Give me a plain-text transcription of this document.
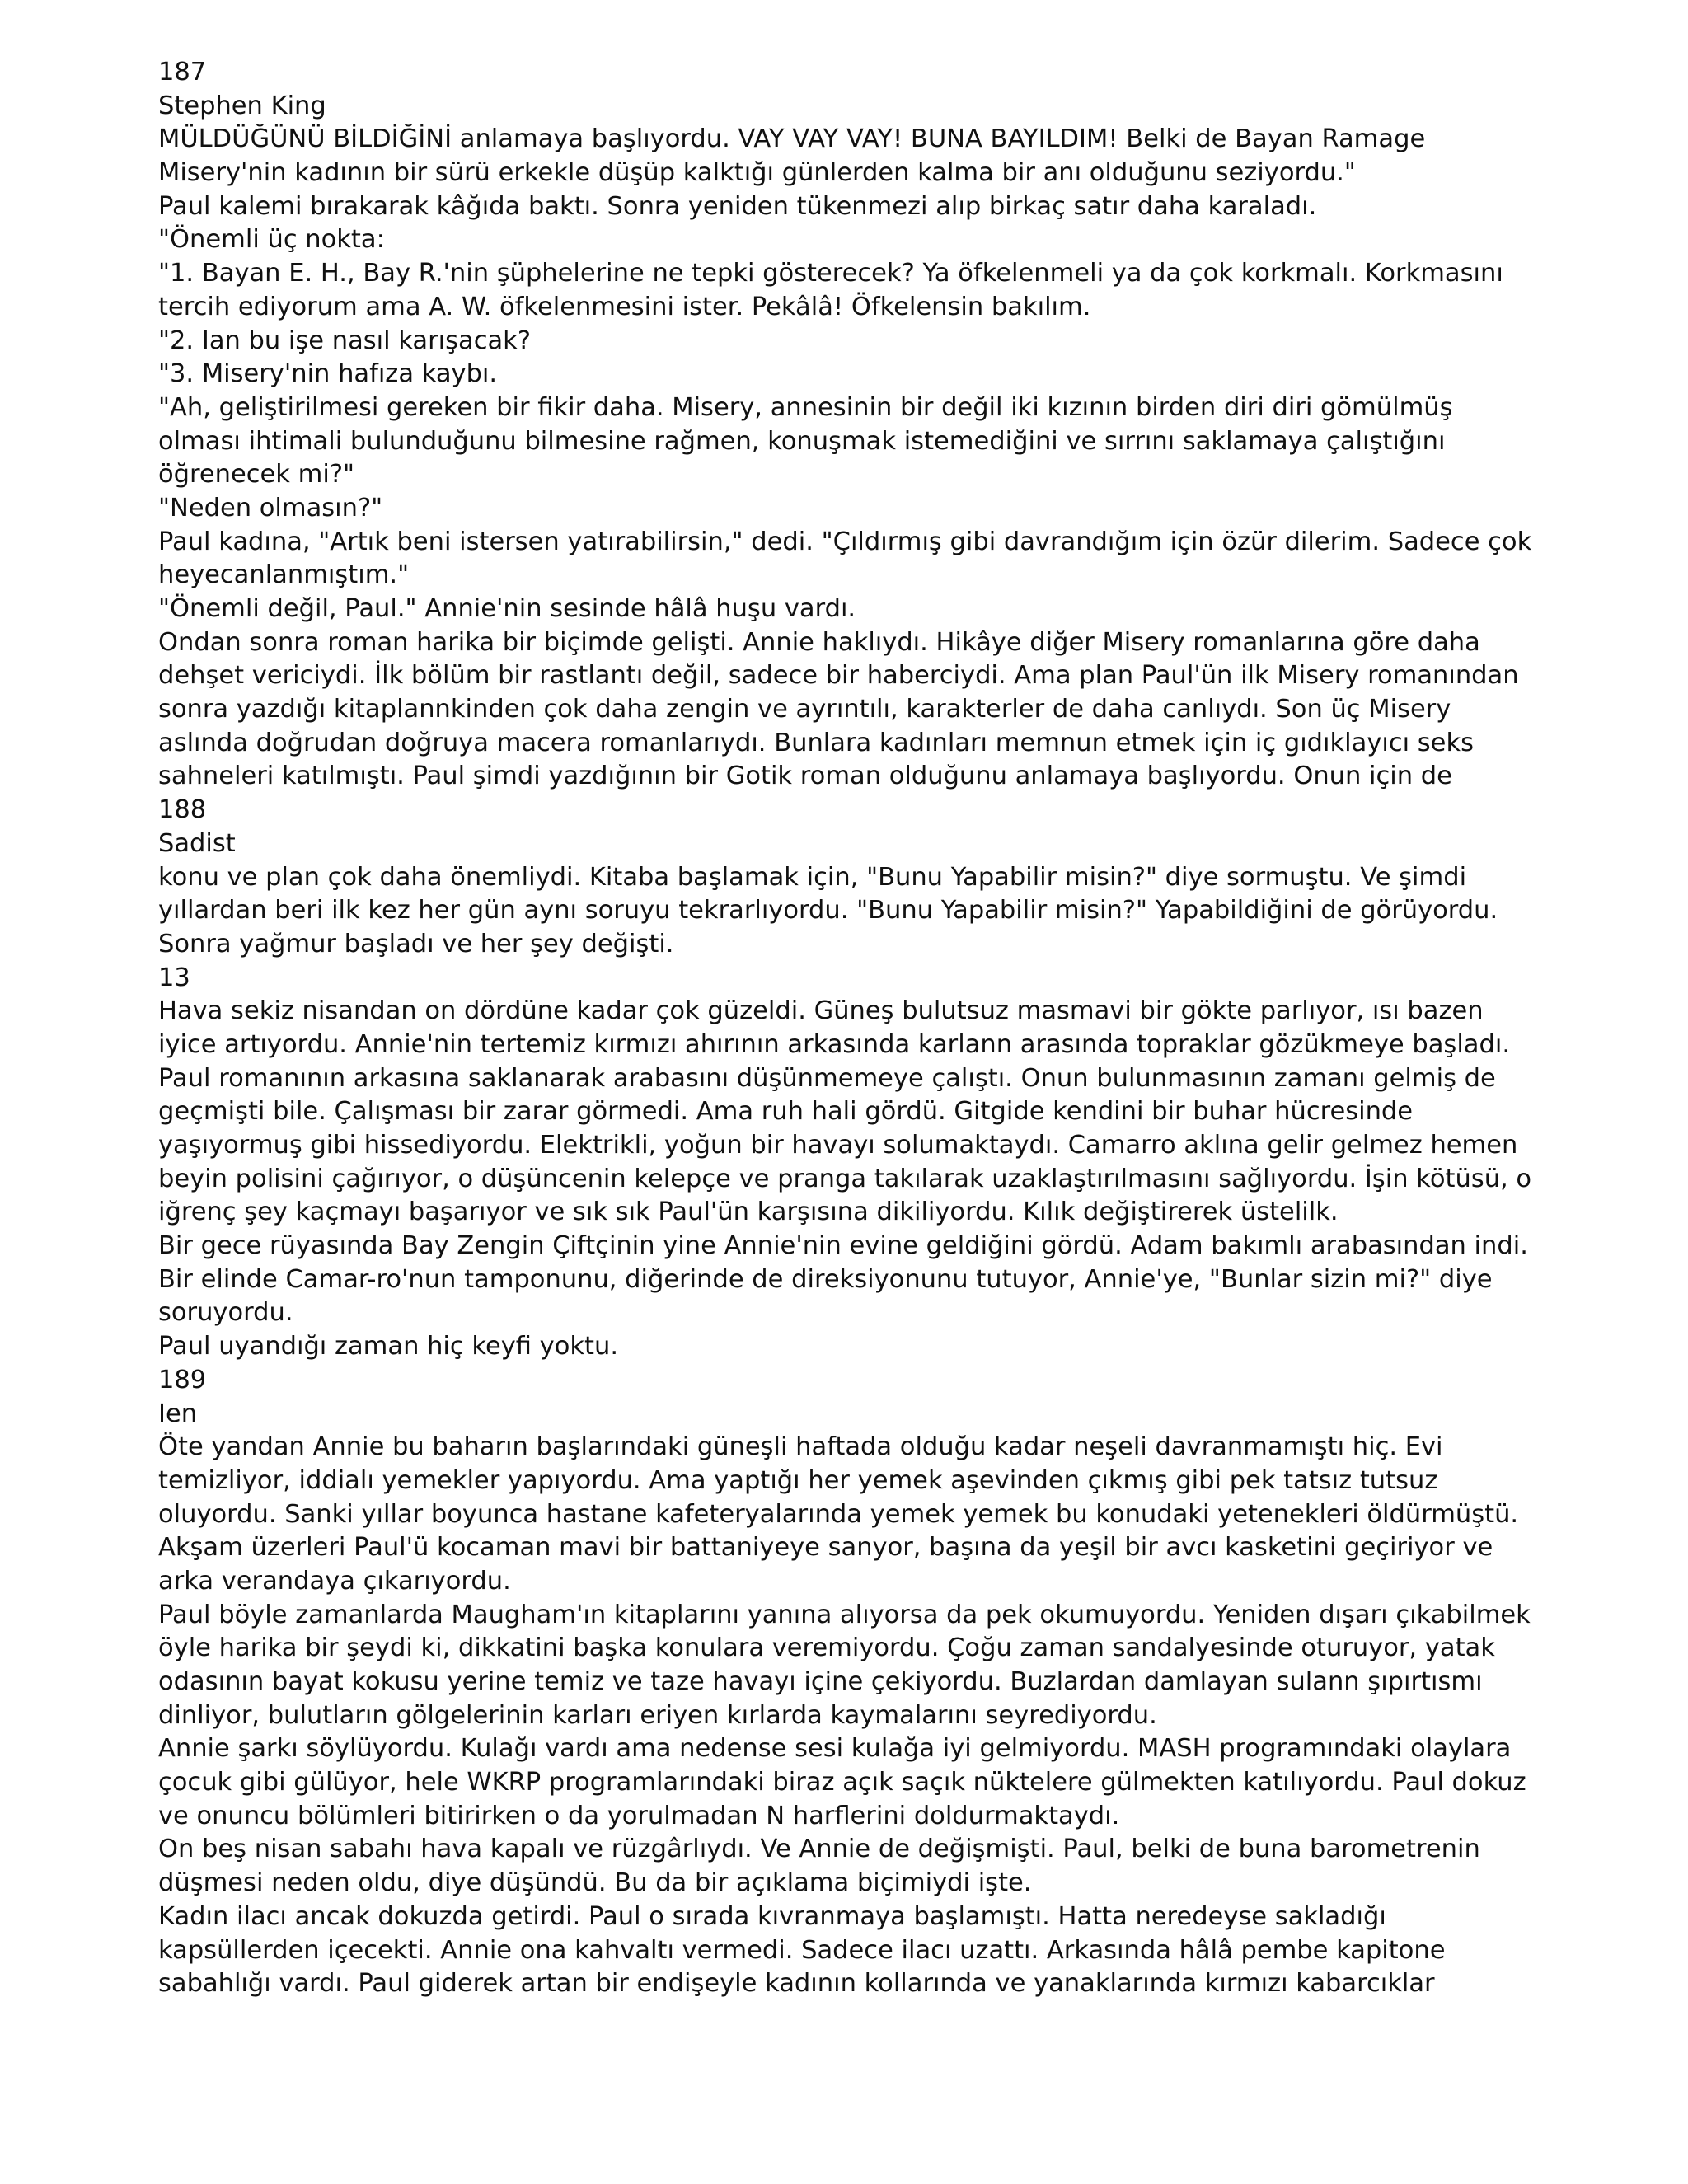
187
Stephen King
MÜLDÜĞÜNÜ BİLDİĞİNİ anlamaya başlıyordu. VAY VAY VAY! BUNA BAYILDIM! Belki de Bayan Ramage
Misery'nin kadının bir sürü erkekle düşüp kalktığı günlerden kalma bir anı olduğunu seziyordu."
Paul kalemi bırakarak kâğıda baktı. Sonra yeniden tükenmezi alıp birkaç satır daha karaladı.
"Önemli üç nokta:
"1. Bayan E. H., Bay R.'nin şüphelerine ne tepki gösterecek? Ya öfkelenmeli ya da çok korkmalı. Korkmasını
tercih ediyorum ama A. W. öfkelenmesini ister. Pekâlâ! Öfkelensin bakılım.
"2. Ian bu işe nasıl karışacak?
"3. Misery'nin hafıza kaybı.
"Ah, geliştirilmesi gereken bir fikir daha. Misery, annesinin bir değil iki kızının birden diri diri gömülmüş
olması ihtimali bulunduğunu bilmesine rağmen, konuşmak istemediğini ve sırrını saklamaya çalıştığını
öğrenecek mi?"
"Neden olmasın?"
Paul kadına, "Artık beni istersen yatırabilirsin," dedi. "Çıldırmış gibi davrandığım için özür dilerim. Sadece çok
heyecanlanmıştım."
"Önemli değil, Paul." Annie'nin sesinde hâlâ huşu vardı.
Ondan sonra roman harika bir biçimde gelişti. Annie haklıydı. Hikâye diğer Misery romanlarına göre daha
dehşet vericiydi. İlk bölüm bir rastlantı değil, sadece bir haberciydi. Ama plan Paul'ün ilk Misery romanından
sonra yazdığı kitaplannkinden çok daha zengin ve ayrıntılı, karakterler de daha canlıydı. Son üç Misery
aslında doğrudan doğruya macera romanlarıydı. Bunlara kadınları memnun etmek için iç gıdıklayıcı seks
sahneleri katılmıştı. Paul şimdi yazdığının bir Gotik roman olduğunu anlamaya başlıyordu. Onun için de
188
Sadist
konu ve plan çok daha önemliydi. Kitaba başlamak için, "Bunu Yapabilir misin?" diye sormuştu. Ve şimdi
yıllardan beri ilk kez her gün aynı soruyu tekrarlıyordu. "Bunu Yapabilir misin?" Yapabildiğini de görüyordu.
Sonra yağmur başladı ve her şey değişti.
13
Hava sekiz nisandan on dördüne kadar çok güzeldi. Güneş bulutsuz masmavi bir gökte parlıyor, ısı bazen
iyice artıyordu. Annie'nin tertemiz kırmızı ahırının arkasında karlann arasında topraklar gözükmeye başladı.
Paul romanının arkasına saklanarak arabasını düşünmemeye çalıştı. Onun bulunmasının zamanı gelmiş de
geçmişti bile. Çalışması bir zarar görmedi. Ama ruh hali gördü. Gitgide kendini bir buhar hücresinde
yaşıyormuş gibi hissediyordu. Elektrikli, yoğun bir havayı solumaktaydı. Camarro aklına gelir gelmez hemen
beyin polisini çağırıyor, o düşüncenin kelepçe ve pranga takılarak uzaklaştırılmasını sağlıyordu. İşin kötüsü, o
iğrenç şey kaçmayı başarıyor ve sık sık Paul'ün karşısına dikiliyordu. Kılık değiştirerek üstelilk.
Bir gece rüyasında Bay Zengin Çiftçinin yine Annie'nin evine geldiğini gördü. Adam bakımlı arabasından indi.
Bir elinde Camar-ro'nun tamponunu, diğerinde de direksiyonunu tutuyor, Annie'ye, "Bunlar sizin mi?" diye
soruyordu.
Paul uyandığı zaman hiç keyfi yoktu.
189
Ien
Öte yandan Annie bu baharın başlarındaki güneşli haftada olduğu kadar neşeli davranmamıştı hiç. Evi
temizliyor, iddialı yemekler yapıyordu. Ama yaptığı her yemek aşevinden çıkmış gibi pek tatsız tutsuz
oluyordu. Sanki yıllar boyunca hastane kafeteryalarında yemek yemek bu konudaki yetenekleri öldürmüştü.
Akşam üzerleri Paul'ü kocaman mavi bir battaniyeye sanyor, başına da yeşil bir avcı kasketini geçiriyor ve
arka verandaya çıkarıyordu.
Paul böyle zamanlarda Maugham'ın kitaplarını yanına alıyorsa da pek okumuyordu. Yeniden dışarı çıkabilmek
öyle harika bir şeydi ki, dikkatini başka konulara veremiyordu. Çoğu zaman sandalyesinde oturuyor, yatak
odasının bayat kokusu yerine temiz ve taze havayı içine çekiyordu. Buzlardan damlayan sulann şıpırtısmı
dinliyor, bulutların gölgelerinin karları eriyen kırlarda kaymalarını seyrediyordu.
Annie şarkı söylüyordu. Kulağı vardı ama nedense sesi kulağa iyi gelmiyordu. MASH programındaki olaylara
çocuk gibi gülüyor, hele WKRP programlarındaki biraz açık saçık nüktelere gülmekten katılıyordu. Paul dokuz
ve onuncu bölümleri bitirirken o da yorulmadan N harflerini doldurmaktaydı.
On beş nisan sabahı hava kapalı ve rüzgârlıydı. Ve Annie de değişmişti. Paul, belki de buna barometrenin
düşmesi neden oldu, diye düşündü. Bu da bir açıklama biçimiydi işte.
Kadın ilacı ancak dokuzda getirdi. Paul o sırada kıvranmaya başlamıştı. Hatta neredeyse sakladığı
kapsüllerden içecekti. Annie ona kahvaltı vermedi. Sadece ilacı uzattı. Arkasında hâlâ pembe kapitone
sabahlığı vardı. Paul giderek artan bir endişeyle kadının kollarında ve yanaklarında kırmızı kabarcıklar
